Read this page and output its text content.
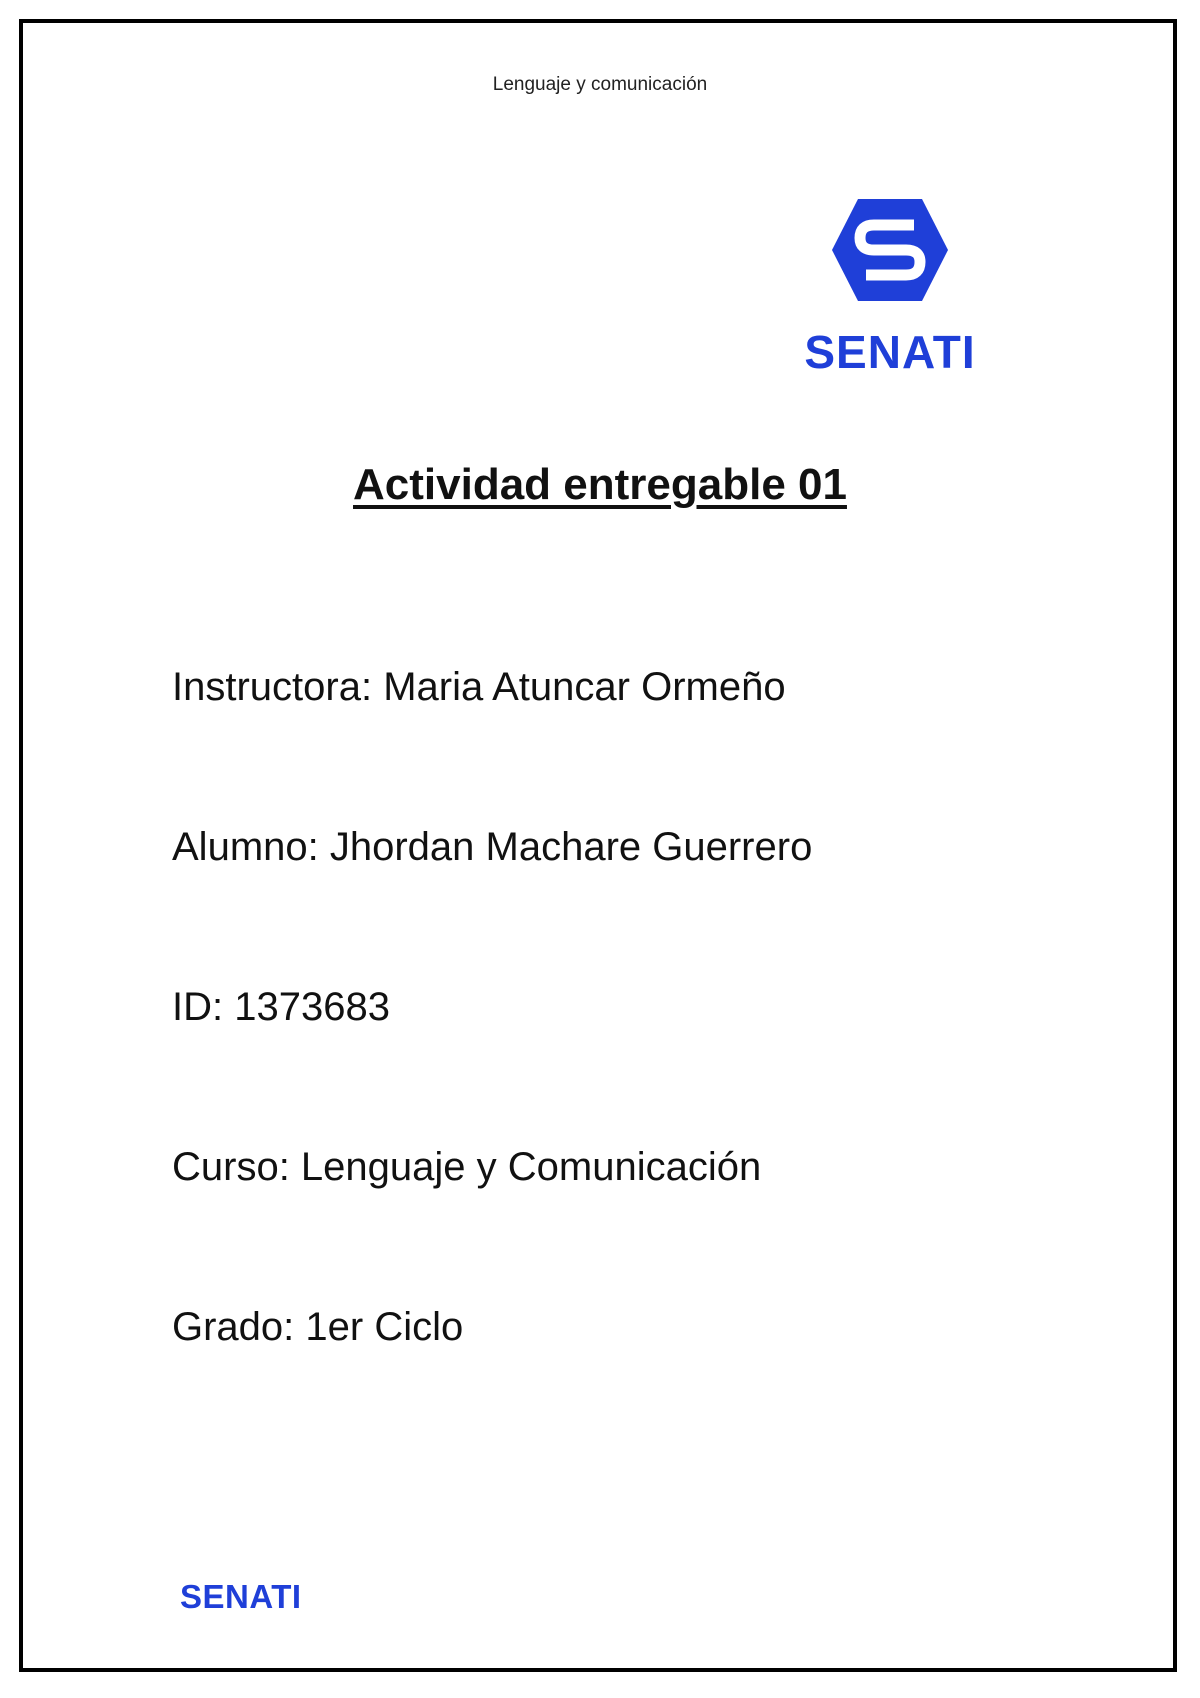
Lenguaje y comunicación
SENATI
Actividad entregable 01
Instructora: Maria Atuncar Ormeño
Alumno: Jhordan Machare Guerrero
ID: 1373683
Curso: Lenguaje y Comunicación
Grado: 1er Ciclo
SENATI
